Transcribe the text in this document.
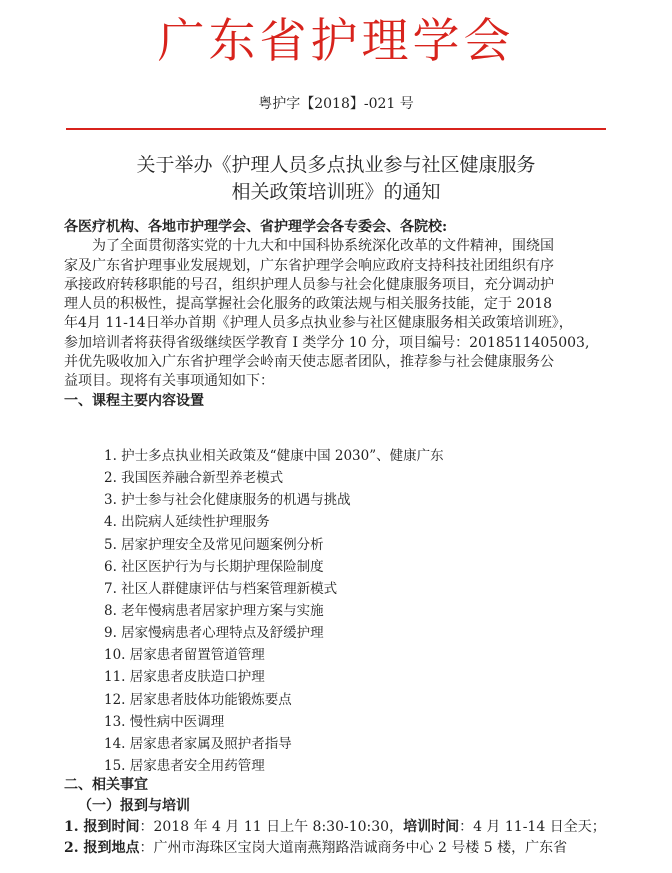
广东省护理学会
粤护字【2018】-021 号
关于举办《护理人员多点执业参与社区健康服务
相关政策培训班》的通知
各医疗机构、各地市护理学会、省护理学会各专委会、各院校:
为了全面贯彻落实党的十九大和中国科协系统深化改革的文件精神，围绕国
家及广东省护理事业发展规划，广东省护理学会响应政府支持科技社团组织有序
承接政府转移职能的号召，组织护理人员参与社会化健康服务项目，充分调动护
理人员的积极性，提高掌握社会化服务的政策法规与相关服务技能，定于 2018
年4月 11-14日举办首期《护理人员多点执业参与社区健康服务相关政策培训班》，
参加培训者将获得省级继续医学教育 I 类学分 10 分，项目编号：2018511405003,
并优先吸收加入广东省护理学会岭南天使志愿者团队，推荐参与社会健康服务公
益项目。现将有关事项通知如下：
一、课程主要内容设置
1. 护士多点执业相关政策及“健康中国 2030”、健康广东
2. 我国医养融合新型养老模式
3. 护士参与社会化健康服务的机遇与挑战
4. 出院病人延续性护理服务
5. 居家护理安全及常见问题案例分析
6. 社区医护行为与长期护理保险制度
7. 社区人群健康评估与档案管理新模式
8. 老年慢病患者居家护理方案与实施
9. 居家慢病患者心理特点及舒缓护理
10. 居家患者留置管道管理
11. 居家患者皮肤造口护理
12. 居家患者肢体功能锻炼要点
13. 慢性病中医调理
14. 居家患者家属及照护者指导
15. 居家患者安全用药管理
二、相关事宜
（一）报到与培训
1. 报到时间：2018 年 4 月 11 日上午 8:30-10:30，培训时间：4 月 11-14 日全天；
2. 报到地点：广州市海珠区宝岗大道南燕翔路浩诚商务中心 2 号楼 5 楼，广东省
